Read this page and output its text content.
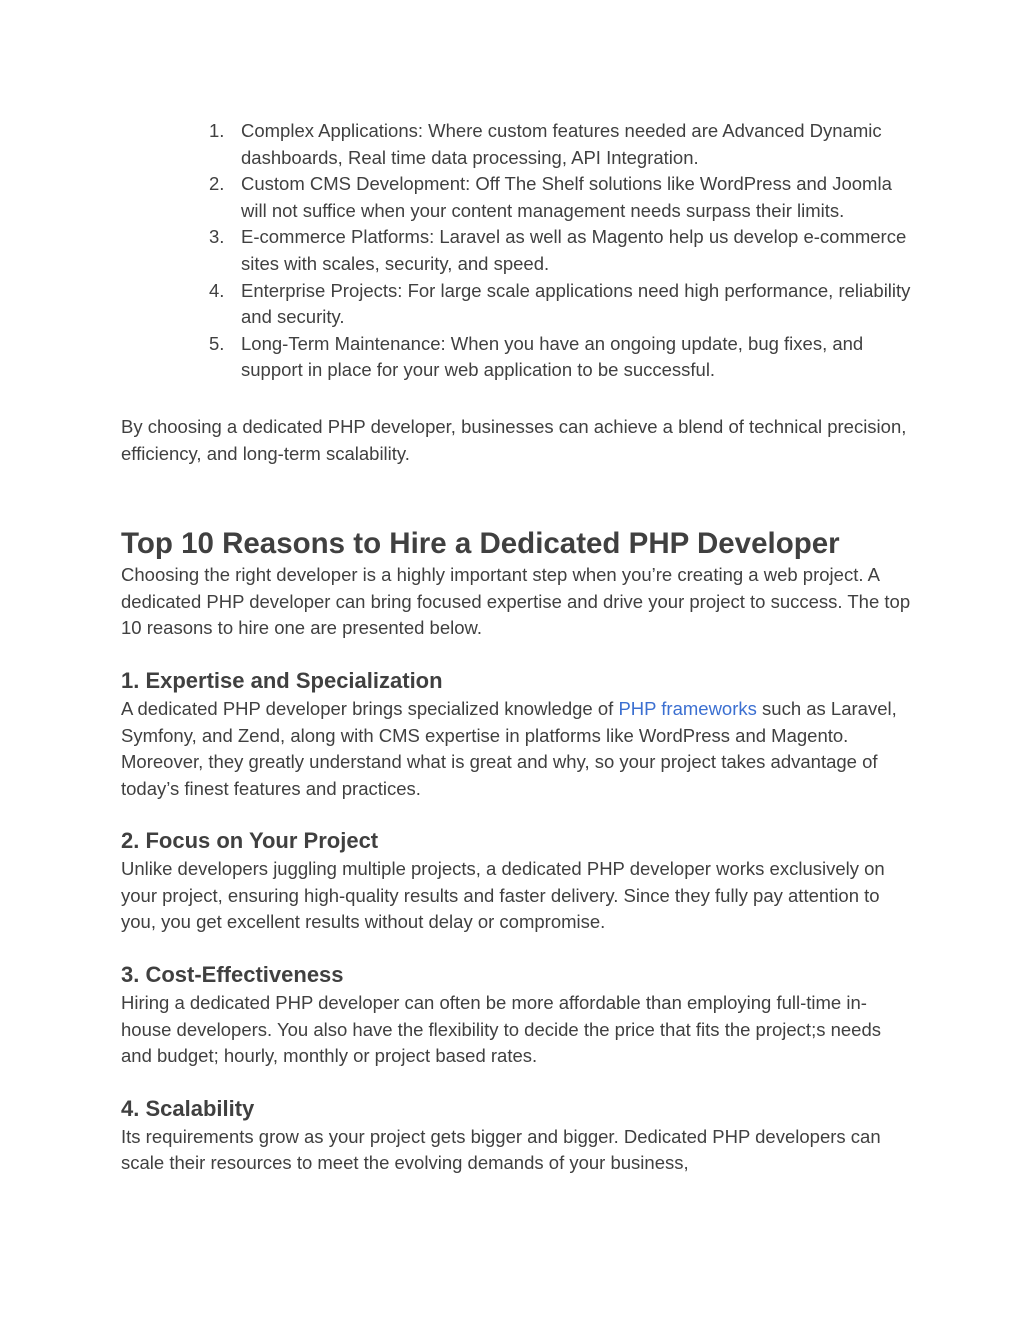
1. Complex Applications: Where custom features needed are Advanced Dynamic dashboards, Real time data processing, API Integration.
2. Custom CMS Development: Off The Shelf solutions like WordPress and Joomla will not suffice when your content management needs surpass their limits.
3. E-commerce Platforms: Laravel as well as Magento help us develop e-commerce sites with scales, security, and speed.
4. Enterprise Projects: For large scale applications need high performance, reliability and security.
5. Long-Term Maintenance: When you have an ongoing update, bug fixes, and support in place for your web application to be successful.

By choosing a dedicated PHP developer, businesses can achieve a blend of technical precision, efficiency, and long-term scalability.

Top 10 Reasons to Hire a Dedicated PHP Developer

Choosing the right developer is a highly important step when you’re creating a web project. A dedicated PHP developer can bring focused expertise and drive your project to success. The top 10 reasons to hire one are presented below.

1. Expertise and Specialization

A dedicated PHP developer brings specialized knowledge of PHP frameworks such as Laravel, Symfony, and Zend, along with CMS expertise in platforms like WordPress and Magento. Moreover, they greatly understand what is great and why, so your project takes advantage of today’s finest features and practices.

2. Focus on Your Project

Unlike developers juggling multiple projects, a dedicated PHP developer works exclusively on your project, ensuring high-quality results and faster delivery. Since they fully pay attention to you, you get excellent results without delay or compromise.

3. Cost-Effectiveness

Hiring a dedicated PHP developer can often be more affordable than employing full-time in-house developers. You also have the flexibility to decide the price that fits the project;s needs and budget; hourly, monthly or project based rates.

4. Scalability

Its requirements grow as your project gets bigger and bigger. Dedicated PHP developers can scale their resources to meet the evolving demands of your business,
